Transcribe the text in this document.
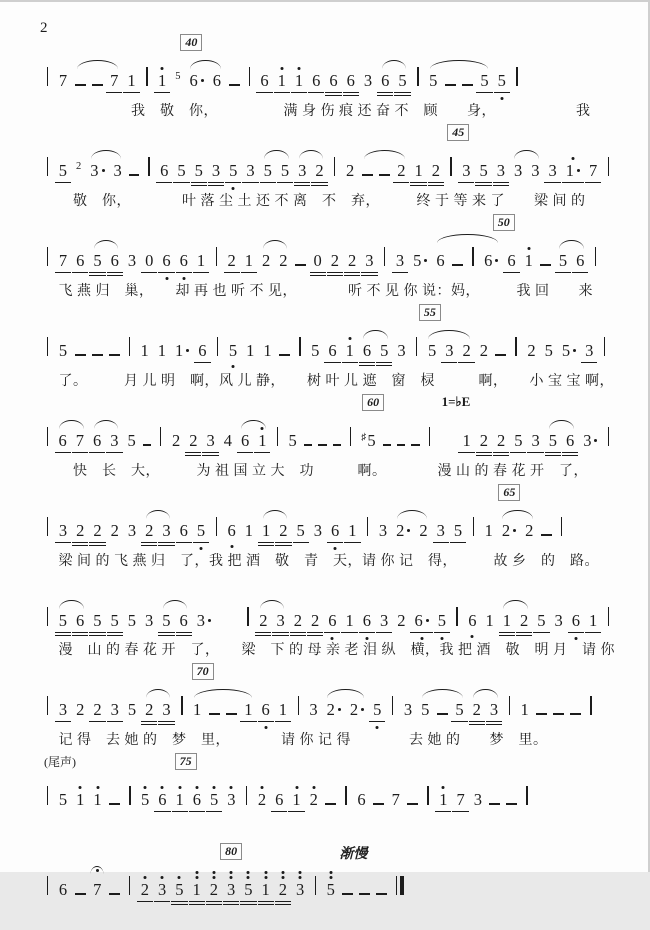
2
40
7	7 1 1 5 6 6 6 1 1 6 6 6 3 6 5 5	5 5
　　　　　　我　敬　你，　　　　　满 身 伤 痕 还 奋 不　顾　　身，　　　　　　我
45
5 2 3 3 6 5 5 3 5 3 5 5 3 2 2	2 1 2 3 5 3 3 3 3 1 7
　　敬　你，　　　　叶 落 尘 土 还 不 离　不　弃，　　　终 于 等 来 了　　梁 间 的
50
7 6 5 6 3 0 6 6 1 2 1 2 2 0 2 2 3 3 5 6 6 6 1 5 6
　飞 燕 归　巢，　　却 再 也 听 不 见，　　　　听 不 见 你 说：妈，　　　我 回　　来
55
5	1 1 1 6 5 1 1 5 6 1 6 5 3 5 3 2 2 2 5 5 3
　了。　　　月 儿 明　啊，风 儿 静，　　树 叶 儿 遮　窗　棂　　　啊，　　小 宝 宝 啊，
60	1=♭E
6 7 6 3 5 2 2 3 4 6 1 5	♯5	1 2 2 5 3 5 6 3
　　快　长　大，　　　为 祖 国 立 大　功　　　啊。　　　　漫 山 的 春 花 开　了，
65
3 2 2 2 3 2 3 6 5 6 1 1 2 5 3 6 1 3 2 2 3 5 1 2 2
　梁 间 的 飞 燕 归　了，我 把 酒　敬　青　天，请 你 记　得，　　　故 乡　的　路。
5 6 5 5 5 3 5 6 3	2 3 2 2 6 1 6 3 2 6 5 6 1 1 2 5 3 6 1
　漫　山 的 春 花 开　了，　　梁　下 的 母 亲 老 泪 纵　横，我 把 酒　敬　明 月　请 你
70
3 2 2 3 5 2 3 1	1 6 1 3 2 2 5 3 5 5 2 3 1
　记 得　去 她 的　梦　里，　　　　请 你 记 得　　　　去 她 的　　梦　里。
(尾声)	75
5 1 1 5 6 1 6 5 3 2 6 1 2 6 7 1 7 3
80	渐慢
6 7 2 3 5 1 2 3 5 1 2 3 5
